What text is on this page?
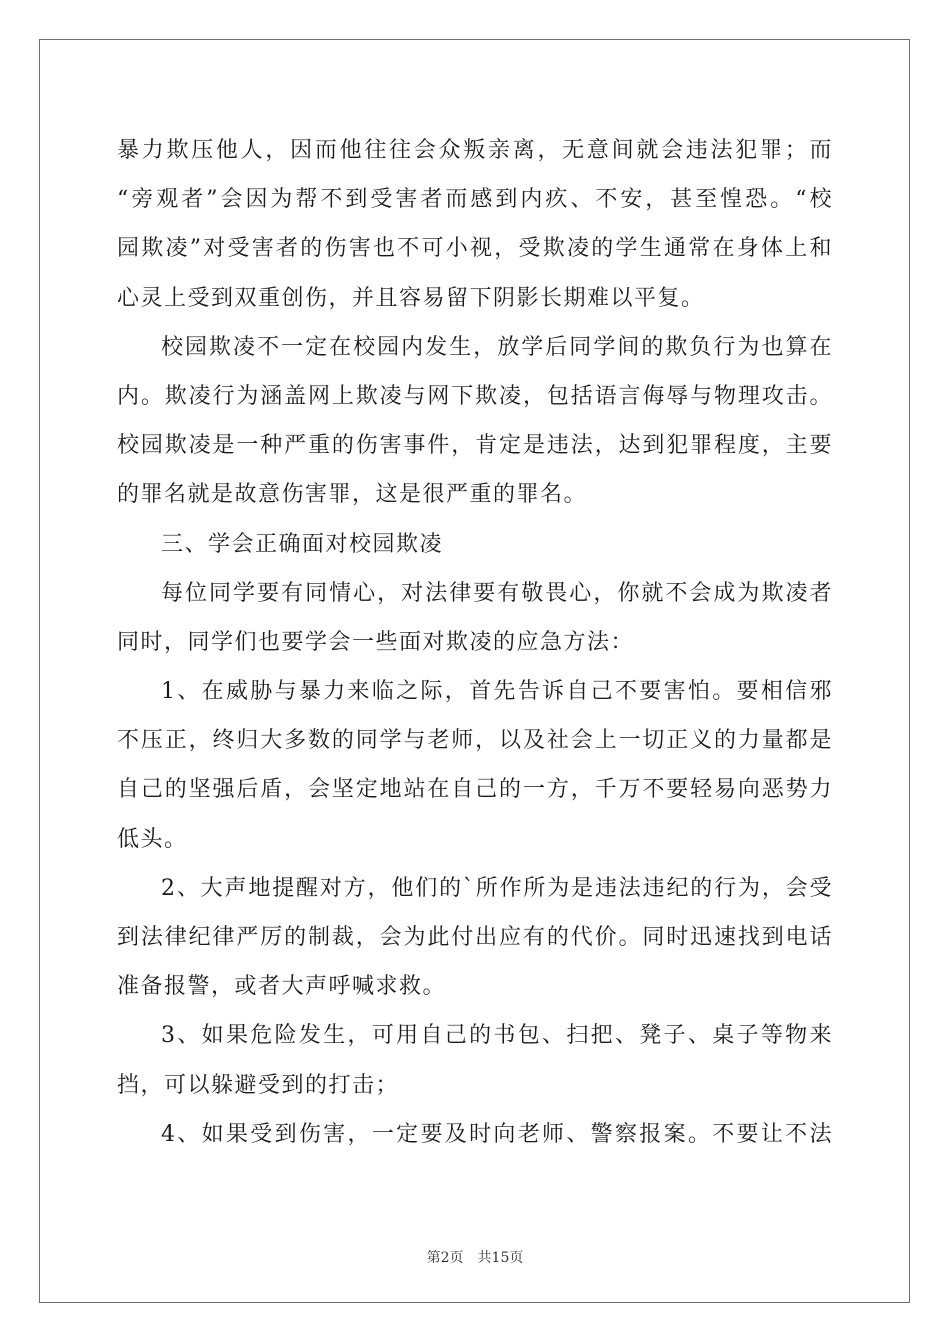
暴力欺压他人，因而他往往会众叛亲离，无意间就会违法犯罪；而
“旁观者”会因为帮不到受害者而感到内疚、不安，甚至惶恐。“校
园欺凌”对受害者的伤害也不可小视，受欺凌的学生通常在身体上和
心灵上受到双重创伤，并且容易留下阴影长期难以平复。
校园欺凌不一定在校园内发生，放学后同学间的欺负行为也算在
内。欺凌行为涵盖网上欺凌与网下欺凌，包括语言侮辱与物理攻击。
校园欺凌是一种严重的伤害事件，肯定是违法，达到犯罪程度，主要
的罪名就是故意伤害罪，这是很严重的罪名。
三、学会正确面对校园欺凌
每位同学要有同情心，对法律要有敬畏心，你就不会成为欺凌者
同时，同学们也要学会一些面对欺凌的应急方法：
1、在威胁与暴力来临之际，首先告诉自己不要害怕。要相信邪
不压正，终归大多数的同学与老师，以及社会上一切正义的力量都是
自己的坚强后盾，会坚定地站在自己的一方，千万不要轻易向恶势力
低头。
2、大声地提醒对方，他们的`所作所为是违法违纪的行为，会受
到法律纪律严厉的制裁，会为此付出应有的代价。同时迅速找到电话
准备报警，或者大声呼喊求救。
3、如果危险发生，可用自己的书包、扫把、凳子、桌子等物来
挡，可以躲避受到的打击；
4、如果受到伤害，一定要及时向老师、警察报案。不要让不法
第2页　共15页
